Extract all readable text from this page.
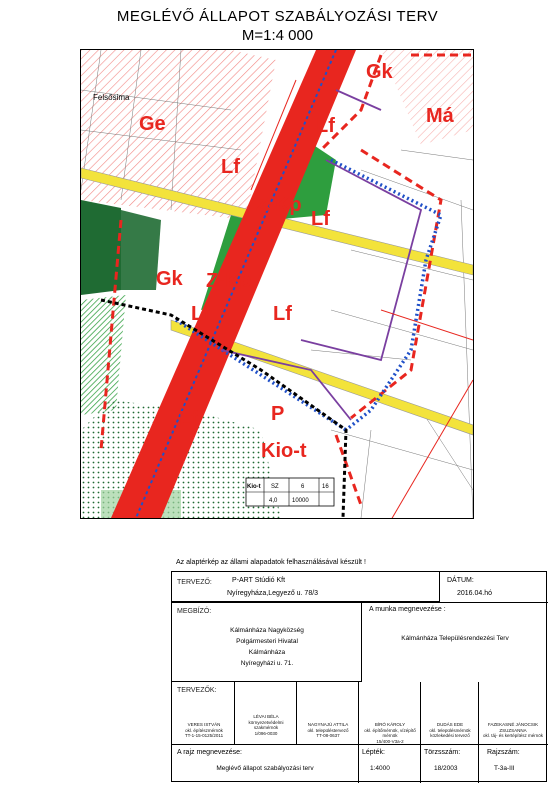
MEGLÉVŐ ÁLLAPOT SZABÁLYOZÁSI TERV
M=1:4 000
Felsősima
Gk
Má
Ge	Lf
Lf
Z-Kp
Lf
Gk Z-Kp
Lf
Lf
Lf	P
Kio-t
Kio-t SZ	6	16
4,0 10000
Az alaptérkép az állami alapadatok felhasználásával készült !
TERVEZŐ:	P-ART Stúdió Kft
Nyíregyháza,Legyező u. 78/3
DÁTUM:
2016.04.hó
MEGBÍZÓ:
Kálmánháza Nagyközség
Polgármesteri Hivatal
Kálmánháza
Nyíregyházi u. 71.
A munka megnevezése :
Kálmánháza Településrendezési Terv
TERVEZŐK:
VERES ISTVÁN
okl. építészmérnök
TT-1-15-0125/2011
LÉVAI BÉLA
környezetvédelmi szakmérnök
1/096-0030
NAGYNAJÚ ATTILA
okl. településtervező
TT-08-0637
BÍRÓ KÁROLY
okl. építőmérnök, vízépítő mérnök
15/400-V3a-2
DUDÁS EDE
okl. településmérnök közlekedési tervező
FAZEKASNÉ JÁNOCSIK ZSUZSANNA
okl. táj- és kertépítész mérnök
A rajz megnevezése:
Meglévő állapot szabályozási terv
Lépték:
1:4000
Törzsszám:
18/2003
Rajzszám:
T-3a-III
